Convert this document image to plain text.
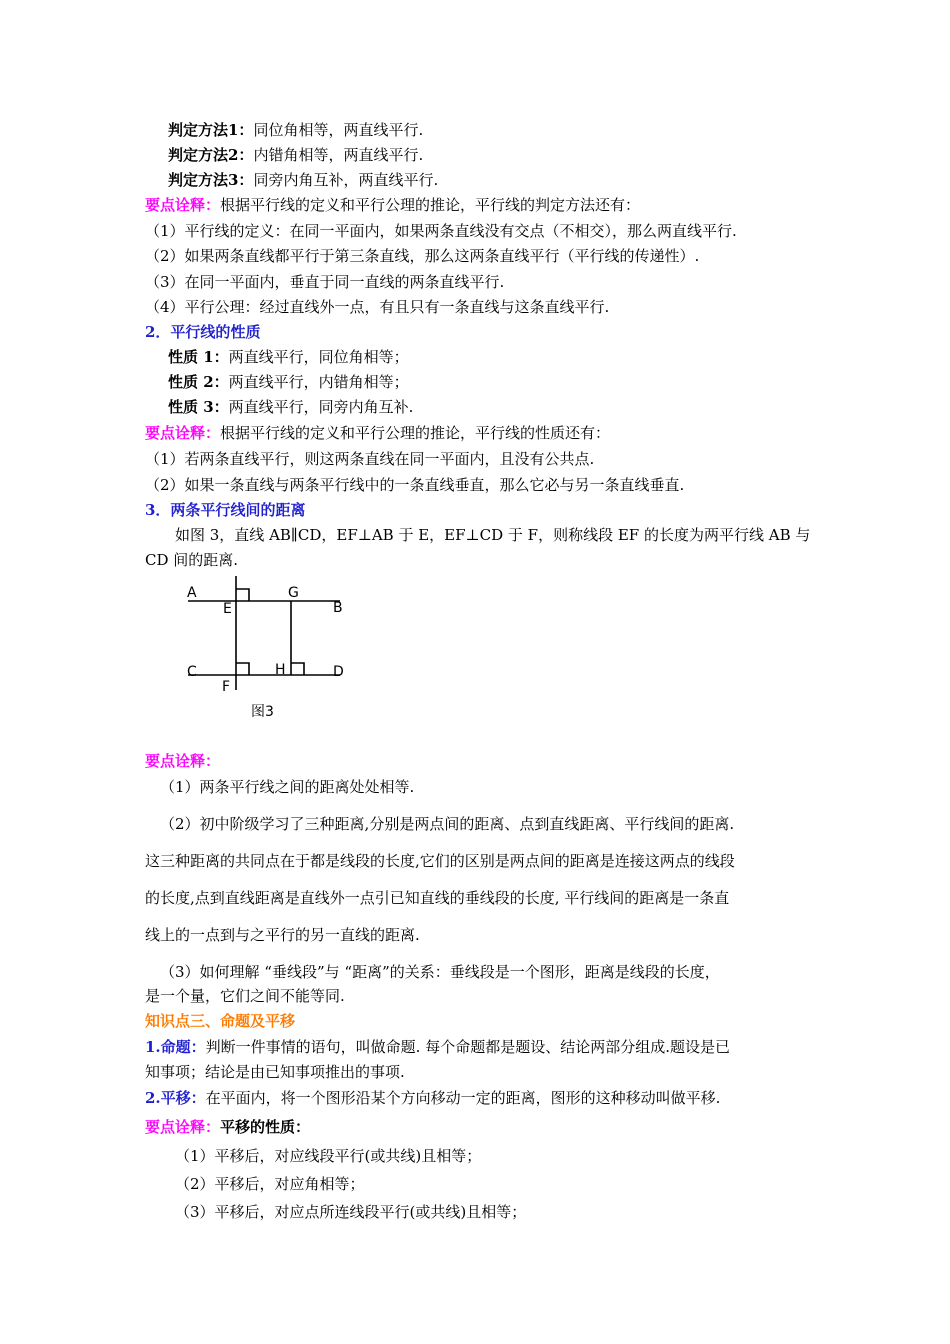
判定方法1：同位角相等，两直线平行.
判定方法2：内错角相等，两直线平行.
判定方法3：同旁内角互补，两直线平行.
要点诠释：根据平行线的定义和平行公理的推论，平行线的判定方法还有：
（1）平行线的定义：在同一平面内，如果两条直线没有交点（不相交），那么两直线平行.
（2）如果两条直线都平行于第三条直线，那么这两条直线平行（平行线的传递性）.
（3）在同一平面内，垂直于同一直线的两条直线平行.
（4）平行公理：经过直线外一点，有且只有一条直线与这条直线平行.
2．平行线的性质
性质 1：两直线平行，同位角相等；
性质 2：两直线平行，内错角相等；
性质 3：两直线平行，同旁内角互补.
要点诠释：根据平行线的定义和平行公理的推论，平行线的性质还有：
（1）若两条直线平行，则这两条直线在同一平面内，且没有公共点.
（2）如果一条直线与两条平行线中的一条直线垂直，那么它必与另一条直线垂直.
3．两条平行线间的距离
如图 3，直线 AB∥CD，EF⊥AB 于 E，EF⊥CD 于 F，则称线段 EF 的长度为两平行线 AB 与
CD 间的距离.
A
E
G
B
C	H	D
F
图3
要点诠释：
（1）两条平行线之间的距离处处相等.
（2）初中阶级学习了三种距离,分别是两点间的距离、点到直线距离、平行线间的距离.
这三种距离的共同点在于都是线段的长度,它们的区别是两点间的距离是连接这两点的线段
的长度,点到直线距离是直线外一点引已知直线的垂线段的长度, 平行线间的距离是一条直
线上的一点到与之平行的另一直线的距离.
（3）如何理解 “垂线段”与 “距离”的关系：垂线段是一个图形，距离是线段的长度，
是一个量，它们之间不能等同.
知识点三、命题及平移
1.命题：判断一件事情的语句，叫做命题. 每个命题都是题设、结论两部分组成.题设是已
知事项；结论是由已知事项推出的事项.
2.平移：在平面内，将一个图形沿某个方向移动一定的距离，图形的这种移动叫做平移.
要点诠释：平移的性质：
（1）平移后，对应线段平行(或共线)且相等；
（2）平移后，对应角相等；
（3）平移后，对应点所连线段平行(或共线)且相等；
